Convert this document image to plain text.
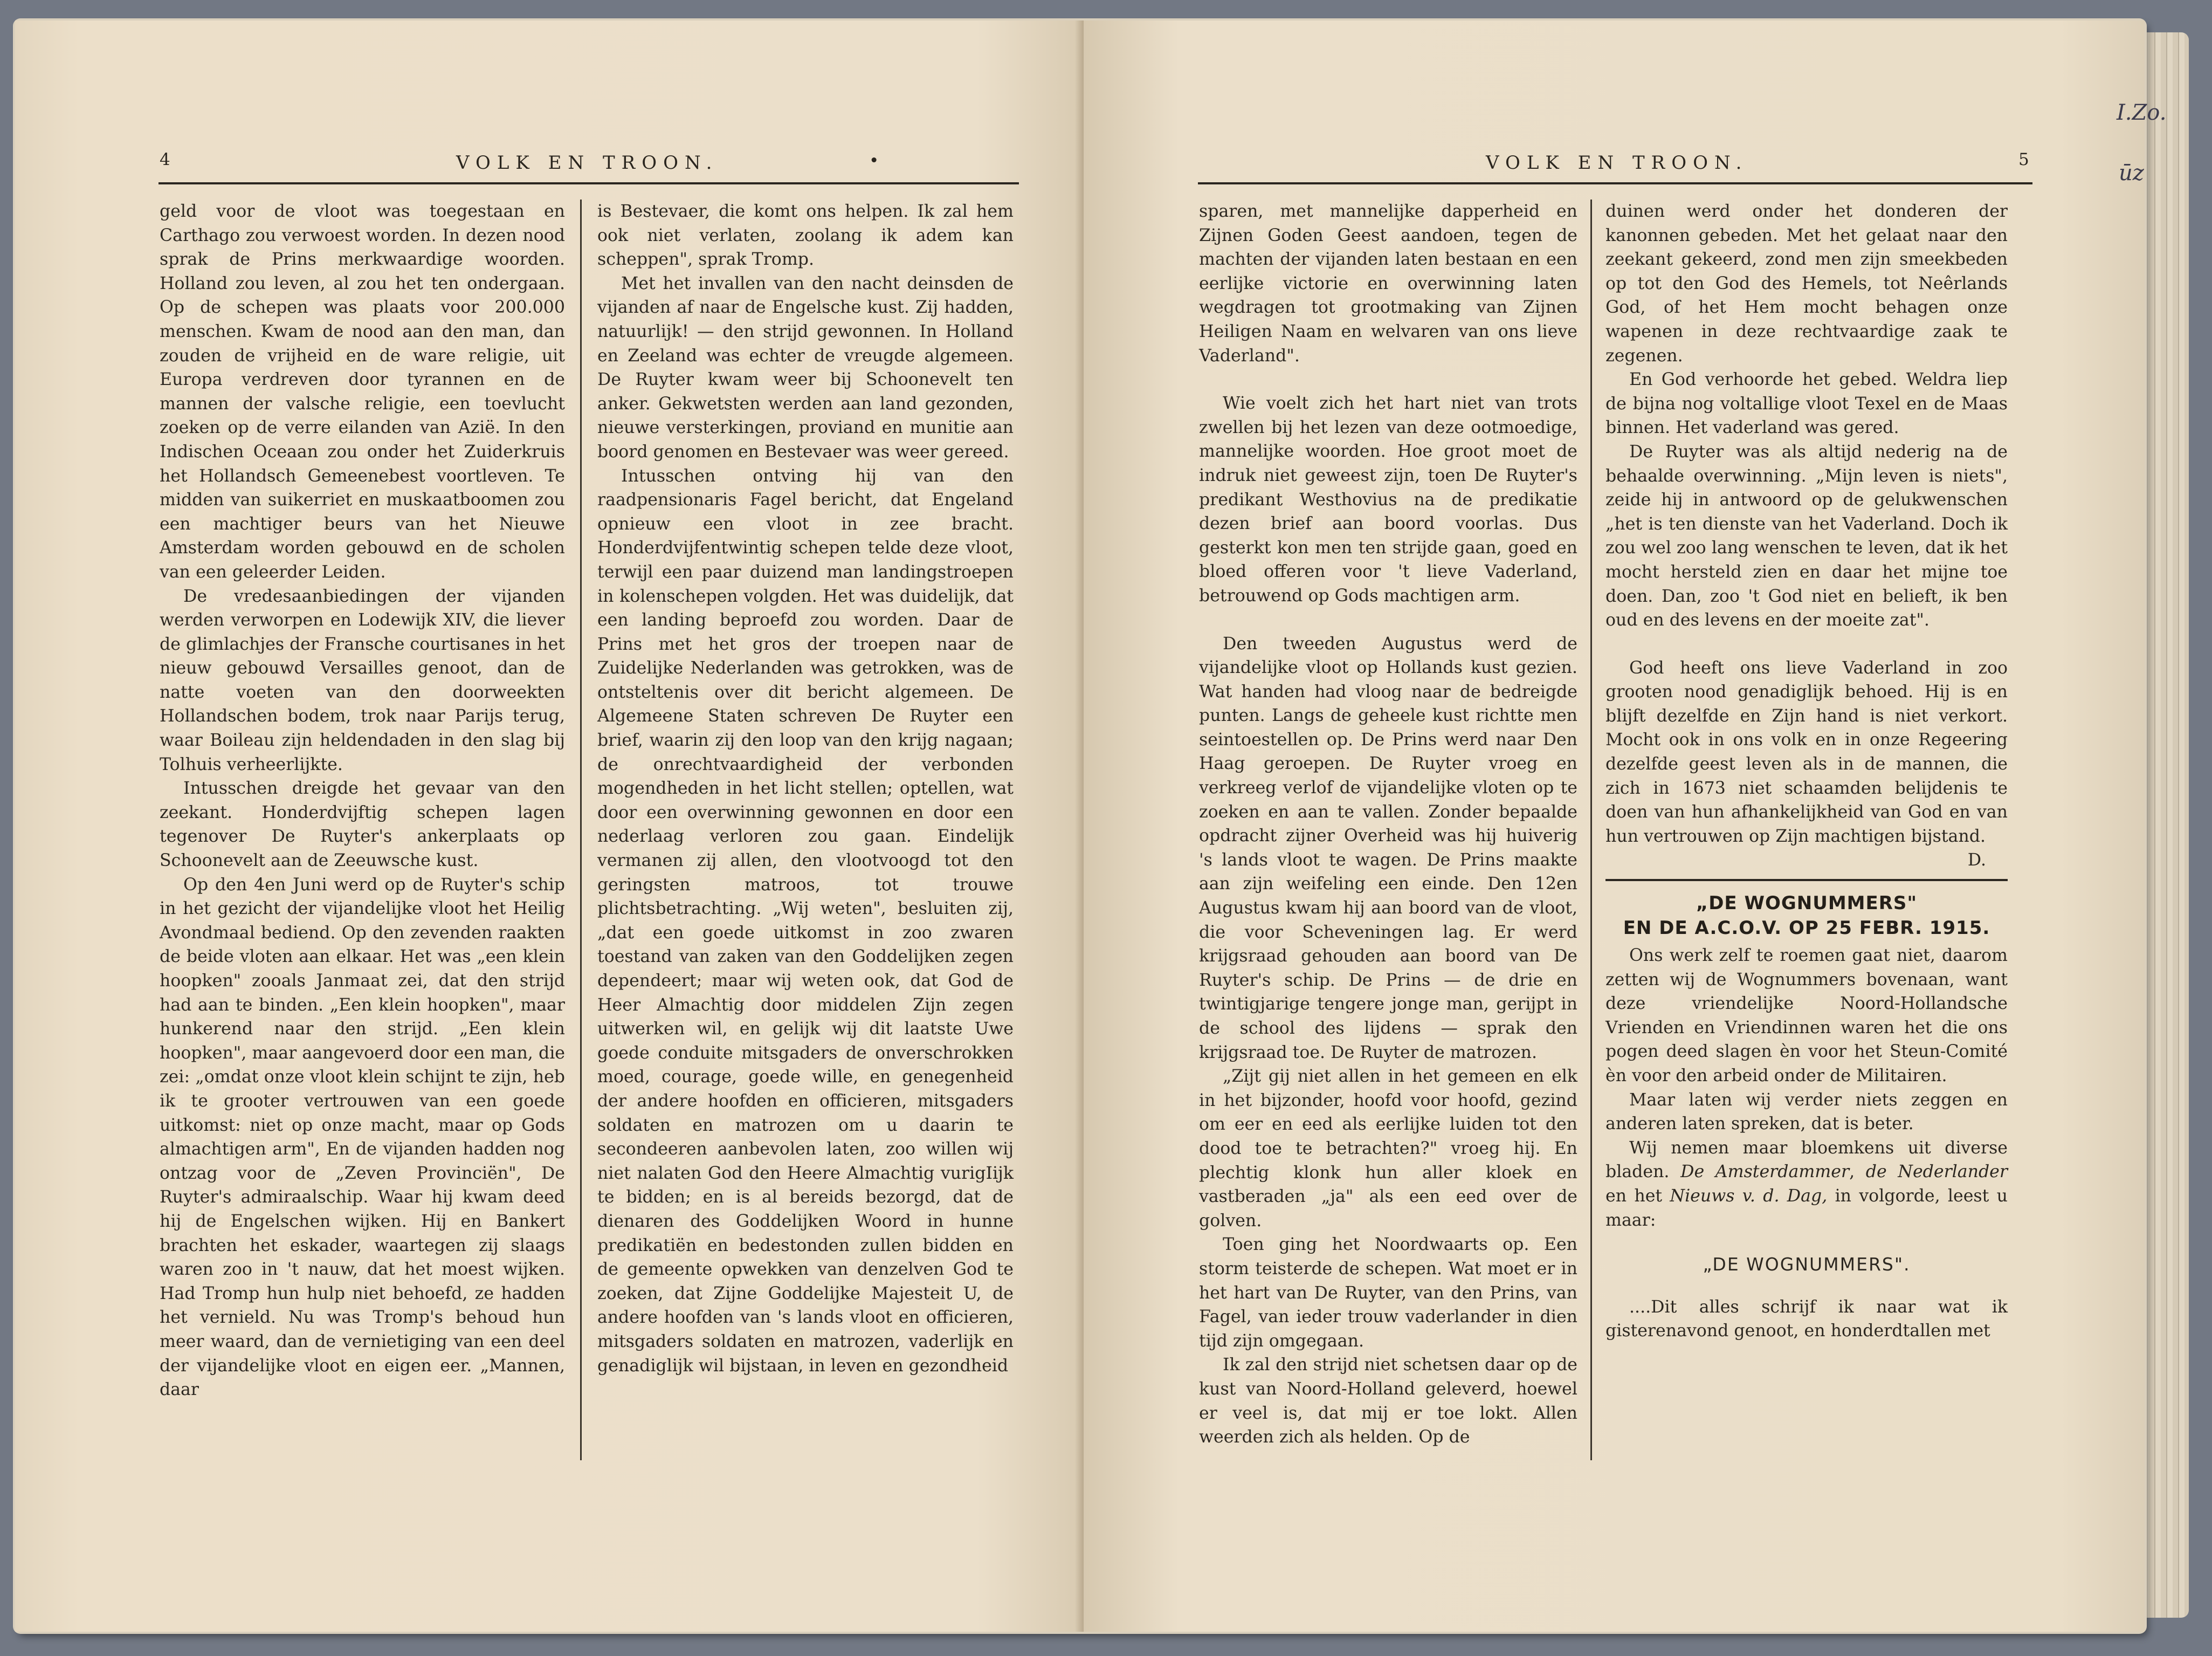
4	VOLK EN TROON.	•

geld voor de vloot was toegestaan en Carthago zou verwoest worden. In dezen nood sprak de Prins merkwaardige woorden. Holland zou leven, al zou het ten ondergaan. Op de schepen was plaats voor 200.000 menschen. Kwam de nood aan den man, dan zouden de vrijheid en de ware religie, uit Europa verdreven door tyrannen en de mannen der valsche religie, een toevlucht zoeken op de verre eilanden van Azië. In den Indischen Oceaan zou onder het Zuiderkruis het Hollandsch Gemeenebest voortleven. Te midden van suikerriet en muskaatboomen zou een machtiger beurs van het Nieuwe Amsterdam worden gebouwd en de scholen van een geleerder Leiden.

De vredesaanbiedingen der vijanden werden verworpen en Lodewijk XIV, die liever de glimlachjes der Fransche courtisanes in het nieuw gebouwd Versailles genoot, dan de natte voeten van den doorweekten Hollandschen bodem, trok naar Parijs terug, waar Boileau zijn heldendaden in den slag bij Tolhuis verheerlijkte.

Intusschen dreigde het gevaar van den zeekant. Honderdvijftig schepen lagen tegenover De Ruyter's ankerplaats op Schoonevelt aan de Zeeuwsche kust.

Op den 4en Juni werd op de Ruyter's schip in het gezicht der vijandelijke vloot het Heilig Avondmaal bediend. Op den zevenden raakten de beide vloten aan elkaar. Het was „een klein hoopken" zooals Janmaat zei, dat den strijd had aan te binden. „Een klein hoopken", maar hunkerend naar den strijd. „Een klein hoopken", maar aangevoerd door een man, die zei: „omdat onze vloot klein schijnt te zijn, heb ik te grooter vertrouwen van een goede uitkomst: niet op onze macht, maar op Gods almachtigen arm", En de vijanden hadden nog ontzag voor de „Zeven Provinciën", De Ruyter's admiraalschip. Waar hij kwam deed hij de Engelschen wijken. Hij en Bankert brachten het eskader, waartegen zij slaags waren zoo in 't nauw, dat het moest wijken. Had Tromp hun hulp niet behoefd, ze hadden het vernield. Nu was Tromp's behoud hun meer waard, dan de vernietiging van een deel der vijandelijke vloot en eigen eer. „Mannen, daar

is Bestevaer, die komt ons helpen. Ik zal hem ook niet verlaten, zoolang ik adem kan scheppen", sprak Tromp.

Met het invallen van den nacht deinsden de vijanden af naar de Engelsche kust. Zij hadden, natuurlijk! — den strijd gewonnen. In Holland en Zeeland was echter de vreugde algemeen. De Ruyter kwam weer bij Schoonevelt ten anker. Gekwetsten werden aan land gezonden, nieuwe versterkingen, proviand en munitie aan boord genomen en Bestevaer was weer gereed.

Intusschen ontving hij van den raadpensionaris Fagel bericht, dat Engeland opnieuw een vloot in zee bracht. Honderdvijfentwintig schepen telde deze vloot, terwijl een paar duizend man landingstroepen in kolenschepen volgden. Het was duidelijk, dat een landing beproefd zou worden. Daar de Prins met het gros der troepen naar de Zuidelijke Nederlanden was getrokken, was de ontsteltenis over dit bericht algemeen. De Algemeene Staten schreven De Ruyter een brief, waarin zij den loop van den krijg nagaan; de onrechtvaardigheid der verbonden mogendheden in het licht stellen; optellen, wat door een overwinning gewonnen en door een nederlaag verloren zou gaan. Eindelijk vermanen zij allen, den vlootvoogd tot den geringsten matroos, tot trouwe plichtsbetrachting. „Wij weten", besluiten zij, „dat een goede uitkomst in zoo zwaren toestand van zaken van den Goddelijken zegen dependeert; maar wij weten ook, dat God de Heer Almachtig door middelen Zijn zegen uitwerken wil, en gelijk wij dit laatste Uwe goede conduite mitsgaders de onverschrokken moed, courage, goede wille, en genegenheid der andere hoofden en officieren, mitsgaders soldaten en matrozen om u daarin te secondeeren aanbevolen laten, zoo willen wij niet nalaten God den Heere Almachtig vurigIijk te bidden; en is al bereids bezorgd, dat de dienaren des Goddelijken Woord in hunne predikatiën en bedestonden zullen bidden en de gemeente opwekken van denzelven God te zoeken, dat Zijne Goddelijke Majesteit U, de andere hoofden van 's lands vloot en officieren, mitsgaders soldaten en matrozen, vaderlijk en genadiglijk wil bijstaan, in leven en gezondheid

VOLK EN TROON.	5

sparen, met mannelijke dapperheid en Zijnen Goden Geest aandoen, tegen de machten der vijanden laten bestaan en een eerlijke victorie en overwinning laten wegdragen tot grootmaking van Zijnen Heiligen Naam en welvaren van ons lieve Vaderland".

Wie voelt zich het hart niet van trots zwellen bij het lezen van deze ootmoedige, mannelijke woorden. Hoe groot moet de indruk niet geweest zijn, toen De Ruyter's predikant Westhovius na de predikatie dezen brief aan boord voorlas. Dus gesterkt kon men ten strijde gaan, goed en bloed offeren voor 't lieve Vaderland, betrouwend op Gods machtigen arm.

Den tweeden Augustus werd de vijandelijke vloot op Hollands kust gezien. Wat handen had vloog naar de bedreigde punten. Langs de geheele kust richtte men seintoestellen op. De Prins werd naar Den Haag geroepen. De Ruyter vroeg en verkreeg verlof de vijandelijke vloten op te zoeken en aan te vallen. Zonder bepaalde opdracht zijner Overheid was hij huiverig 's lands vloot te wagen. De Prins maakte aan zijn weifeling een einde. Den 12en Augustus kwam hij aan boord van de vloot, die voor Scheveningen lag. Er werd krijgsraad gehouden aan boord van De Ruyter's schip. De Prins — de drie en twintigjarige tengere jonge man, gerijpt in de school des lijdens — sprak den krijgsraad toe. De Ruyter de matrozen.

„Zijt gij niet allen in het gemeen en elk in het bijzonder, hoofd voor hoofd, gezind om eer en eed als eerlijke luiden tot den dood toe te betrachten?" vroeg hij. En plechtig klonk hun aller kloek en vastberaden „ja" als een eed over de golven.

Toen ging het Noordwaarts op. Een storm teisterde de schepen. Wat moet er in het hart van De Ruyter, van den Prins, van Fagel, van ieder trouw vaderlander in dien tijd zijn omgegaan.

Ik zal den strijd niet schetsen daar op de kust van Noord-Holland geleverd, hoewel er veel is, dat mij er toe lokt. Allen weerden zich als helden. Op de

duinen werd onder het donderen der kanonnen gebeden. Met het gelaat naar den zeekant gekeerd, zond men zijn smeekbeden op tot den God des Hemels, tot Neêrlands God, of het Hem mocht behagen onze wapenen in deze rechtvaardige zaak te zegenen.

En God verhoorde het gebed. Weldra liep de bijna nog voltallige vloot Texel en de Maas binnen. Het vaderland was gered.

De Ruyter was als altijd nederig na de behaalde overwinning. „Mijn leven is niets", zeide hij in antwoord op de gelukwenschen „het is ten dienste van het Vaderland. Doch ik zou wel zoo lang wenschen te leven, dat ik het mocht hersteld zien en daar het mijne toe doen. Dan, zoo 't God niet en belieft, ik ben oud en des levens en der moeite zat".

God heeft ons lieve Vaderland in zoo grooten nood genadiglijk behoed. Hij is en blijft dezelfde en Zijn hand is niet verkort. Mocht ook in ons volk en in onze Regeering dezelfde geest leven als in de mannen, die zich in 1673 niet schaamden belijdenis te doen van hun afhankelijkheid van God en van hun vertrouwen op Zijn machtigen bijstand.

D.

„DE WOGNUMMERS"
EN DE A.C.O.V. OP 25 FEBR. 1915.

Ons werk zelf te roemen gaat niet, daarom zetten wij de Wognummers bovenaan, want deze vriendelijke Noord-Hollandsche Vrienden en Vriendinnen waren het die ons pogen deed slagen èn voor het Steun-Comité èn voor den arbeid onder de Militairen.

Maar laten wij verder niets zeggen en anderen laten spreken, dat is beter.

Wij nemen maar bloemkens uit diverse bladen. De Amsterdammer, de Nederlander en het Nieuws v. d. Dag, in volgorde, leest u maar:

„DE WOGNUMMERS".

....Dit alles schrijf ik naar wat ik gisterenavond genoot, en honderdtallen met

I.Zo.
ūz
